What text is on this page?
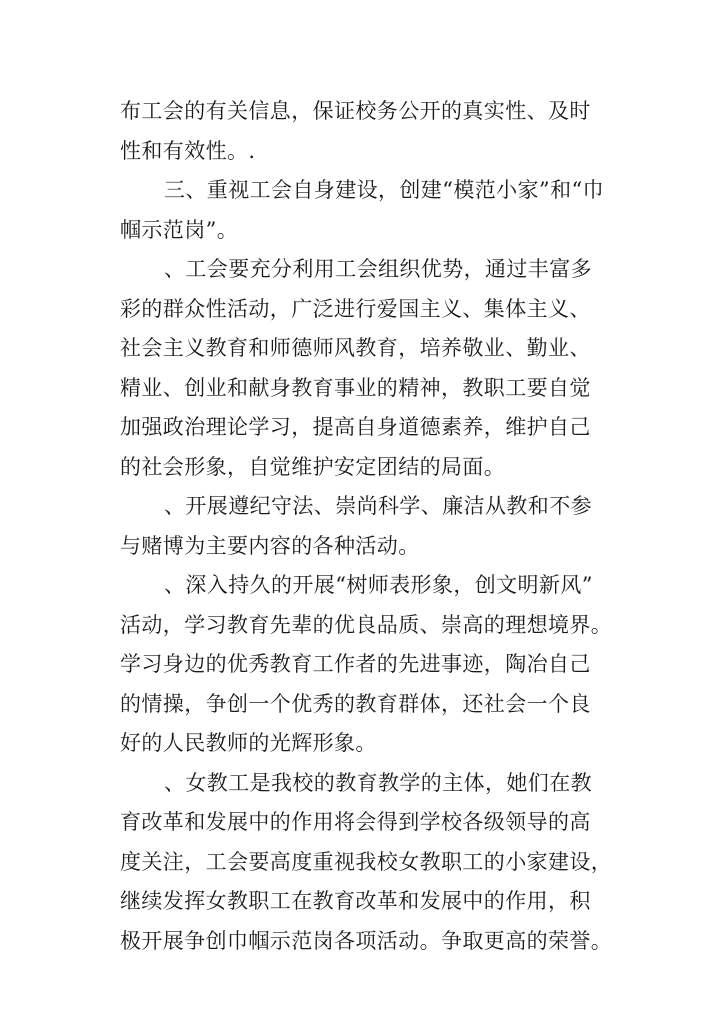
布工会的有关信息，保证校务公开的真实性、及时
性和有效性。.
三、重视工会自身建设，创建“模范小家”和“巾
帼示范岗”。
、工会要充分利用工会组织优势，通过丰富多
彩的群众性活动，广泛进行爱国主义、集体主义、
社会主义教育和师德师风教育，培养敬业、勤业、
精业、创业和献身教育事业的精神，教职工要自觉
加强政治理论学习，提高自身道德素养，维护自己
的社会形象，自觉维护安定团结的局面。
、开展遵纪守法、崇尚科学、廉洁从教和不参
与赌博为主要内容的各种活动。
、深入持久的开展“树师表形象，创文明新风”
活动，学习教育先辈的优良品质、崇高的理想境界。
学习身边的优秀教育工作者的先进事迹，陶冶自己
的情操，争创一个优秀的教育群体，还社会一个良
好的人民教师的光辉形象。
、女教工是我校的教育教学的主体，她们在教
育改革和发展中的作用将会得到学校各级领导的高
度关注，工会要高度重视我校女教职工的小家建设，
继续发挥女教职工在教育改革和发展中的作用，积
极开展争创巾帼示范岗各项活动。争取更高的荣誉。
